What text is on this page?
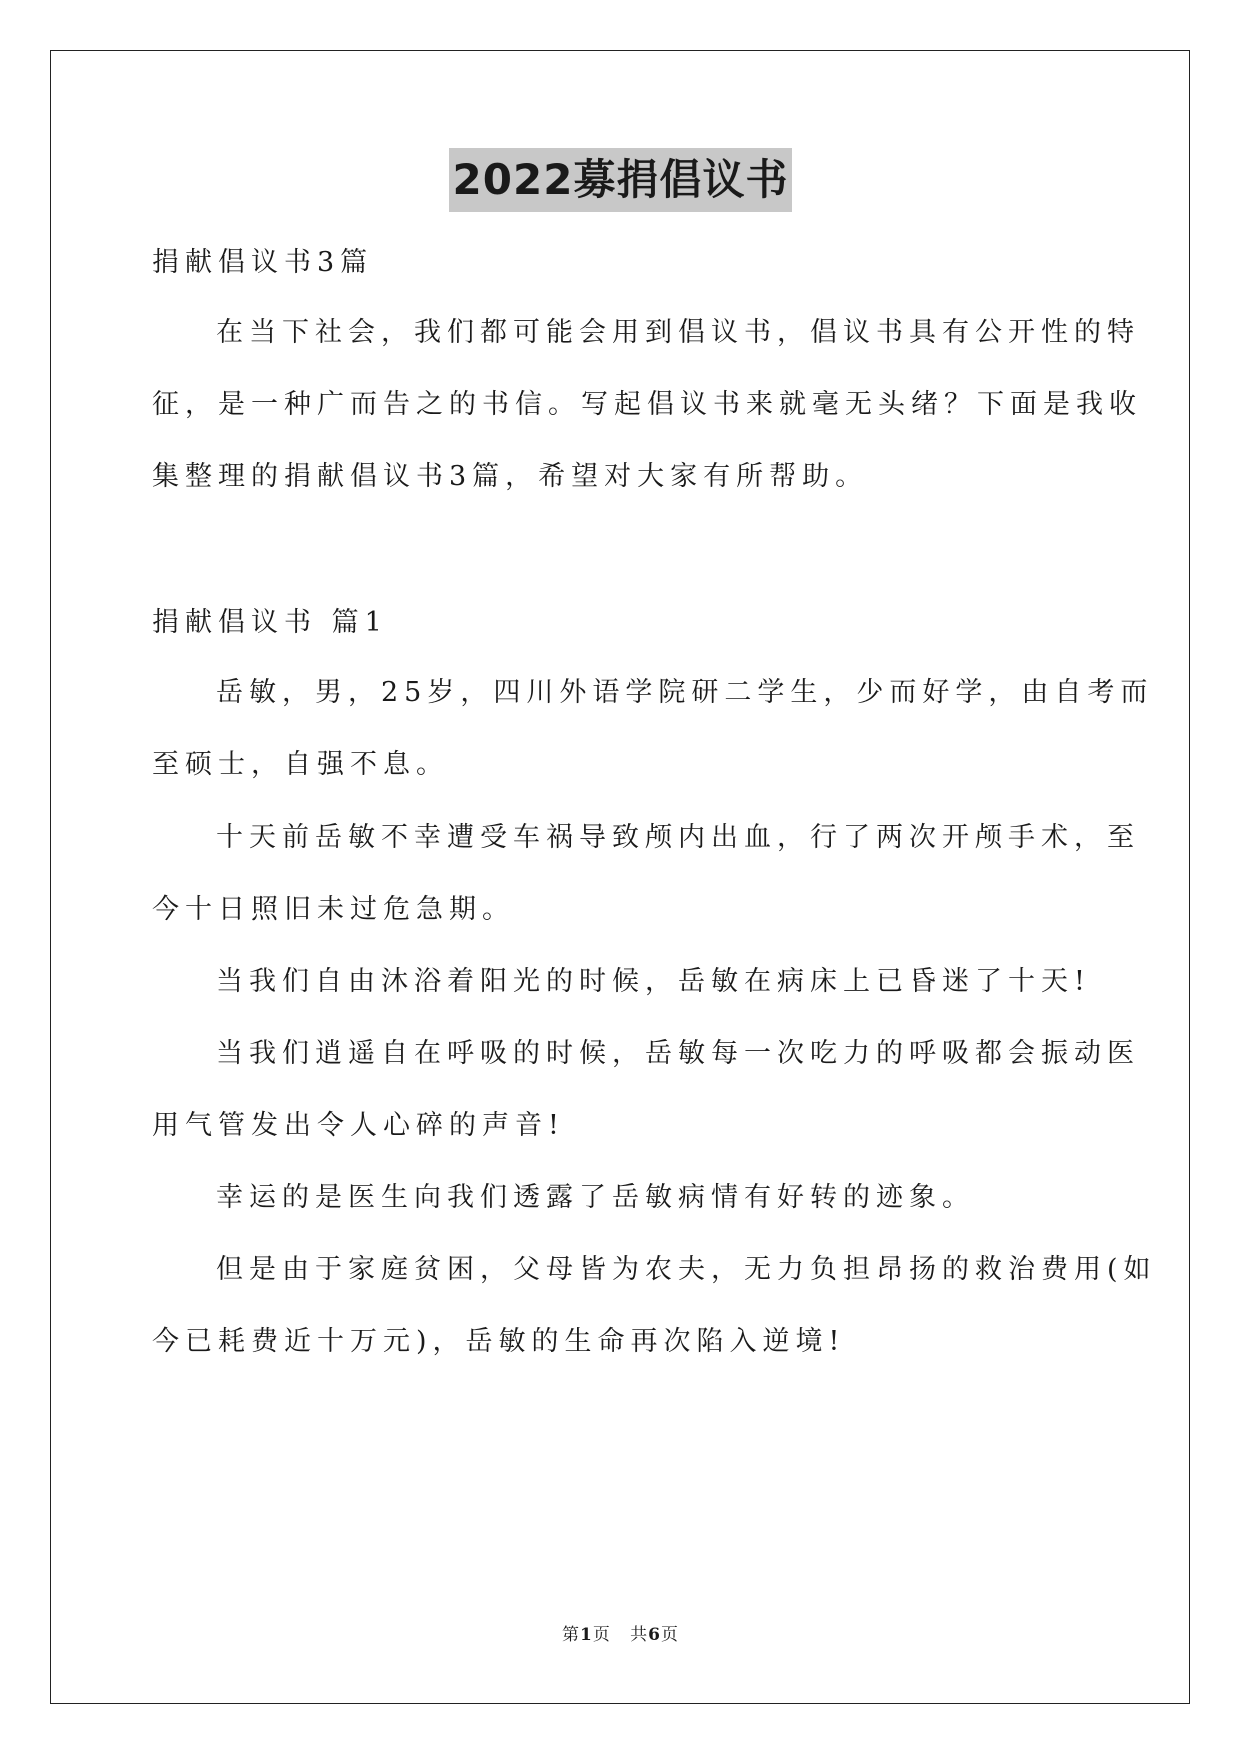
2022募捐倡议书
捐献倡议书3篇
在当下社会，我们都可能会用到倡议书，倡议书具有公开性的特
征，是一种广而告之的书信。写起倡议书来就毫无头绪？下面是我收
集整理的捐献倡议书3篇，希望对大家有所帮助。
捐献倡议书 篇1
岳敏，男，25岁，四川外语学院研二学生，少而好学，由自考而
至硕士，自强不息。
十天前岳敏不幸遭受车祸导致颅内出血，行了两次开颅手术，至
今十日照旧未过危急期。
当我们自由沐浴着阳光的时候，岳敏在病床上已昏迷了十天!
当我们逍遥自在呼吸的时候，岳敏每一次吃力的呼吸都会振动医
用气管发出令人心碎的声音!
幸运的是医生向我们透露了岳敏病情有好转的迹象。
但是由于家庭贫困，父母皆为农夫，无力负担昂扬的救治费用(如
今已耗费近十万元)，岳敏的生命再次陷入逆境!
第1页 共6页
